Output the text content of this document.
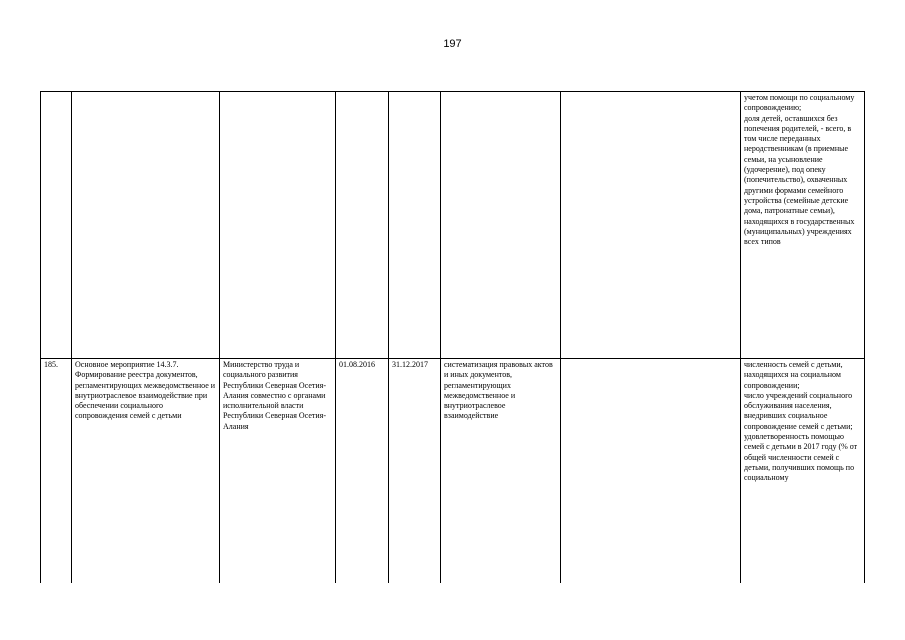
197
							учетом помощи по социальному сопровождению;
доля детей, оставшихся без попечения родителей, - всего, в том числе переданных неродственникам (в приемные семьи, на усыновление (удочерение), под опеку (попечительство), охваченных другими формами семейного устройства (семейные детские дома, патронатные семьи), находящихся в государственных (муниципальных) учреждениях всех типов
185.	Основное мероприятие 14.3.7.
Формирование реестра документов, регламентирующих межведомственное и внутриотраслевое взаимодействие при обеспечении социального сопровождения семей с детьми	Министерство труда и социального развития Республики Северная Осетия-Алания совместно с органами исполнительной власти Республики Северная Осетия-Алания	01.08.2016	31.12.2017	систематизация правовых актов и иных документов, регламентирующих межведомственное и внутриотраслевое взаимодействие		численность семей с детьми, находящихся на социальном сопровождении;
число учреждений социального обслуживания населения, внедривших социальное сопровождение семей с детьми;
удовлетворенность помощью семей с детьми в 2017 году (% от общей численности семей с детьми, получивших помощь по социальному
